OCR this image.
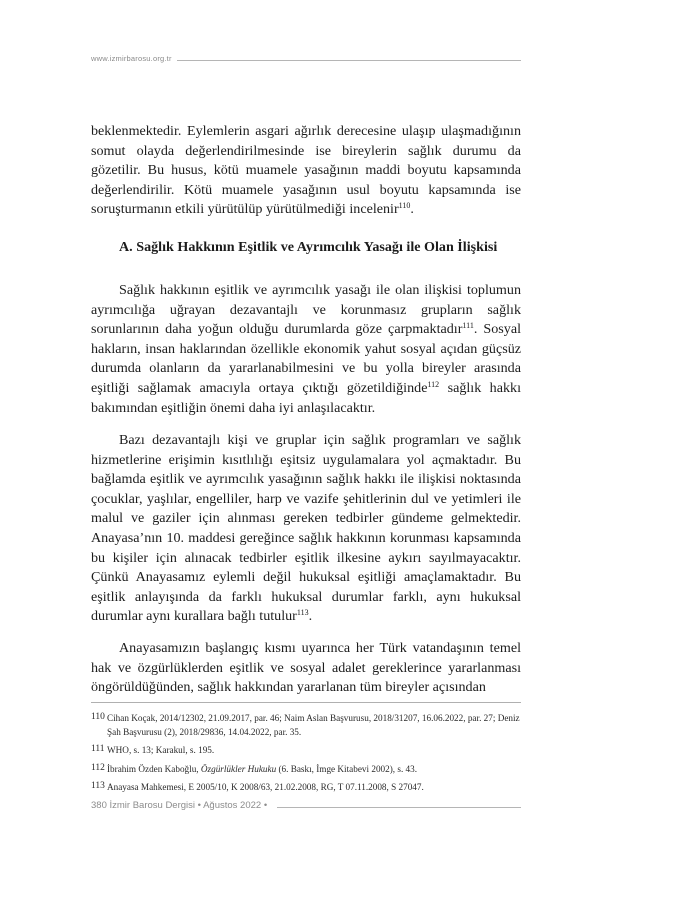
www.izmirbarosu.org.tr

beklenmektedir. Eylemlerin asgari ağırlık derecesine ulaşıp ulaşmadığının somut olayda değerlendirilmesinde ise bireylerin sağlık durumu da gözetilir. Bu husus, kötü muamele yasağının maddi boyutu kapsamında değerlendirilir. Kötü muamele yasağının usul boyutu kapsamında ise soruşturmanın etkili yürütülüp yürütülmediği incelenir$^{110}$.

A. Sağlık Hakkının Eşitlik ve Ayrımcılık Yasağı ile Olan İlişkisi

Sağlık hakkının eşitlik ve ayrımcılık yasağı ile olan ilişkisi toplumun ayrımcılığa uğrayan dezavantajlı ve korunmasız grupların sağlık sorunlarının daha yoğun olduğu durumlarda göze çarpmaktadır$^{111}$. Sosyal hakların, insan haklarından özellikle ekonomik yahut sosyal açıdan güçsüz durumda olanların da yararlanabilmesini ve bu yolla bireyler arasında eşitliği sağlamak amacıyla ortaya çıktığı gözetildiğinde$^{112}$ sağlık hakkı bakımından eşitliğin önemi daha iyi anlaşılacaktır.

Bazı dezavantajlı kişi ve gruplar için sağlık programları ve sağlık hizmetlerine erişimin kısıtlılığı eşitsiz uygulamalara yol açmaktadır. Bu bağlamda eşitlik ve ayrımcılık yasağının sağlık hakkı ile ilişkisi noktasında çocuklar, yaşlılar, engelliler, harp ve vazife şehitlerinin dul ve yetimleri ile malul ve gaziler için alınması gereken tedbirler gündeme gelmektedir. Anayasa’nın 10. maddesi gereğince sağlık hakkının korunması kapsamında bu kişiler için alınacak tedbirler eşitlik ilkesine aykırı sayılmayacaktır. Çünkü Anayasamız eylemli değil hukuksal eşitliği amaçlamaktadır. Bu eşitlik anlayışında da farklı hukuksal durumlar farklı, aynı hukuksal durumlar aynı kurallara bağlı tutulur$^{113}$.

Anayasamızın başlangıç kısmı uyarınca her Türk vatandaşının temel hak ve özgürlüklerden eşitlik ve sosyal adalet gereklerince yararlanması öngörüldüğünden, sağlık hakkından yararlanan tüm bireyler açısından

110 Cihan Koçak, 2014/12302, 21.09.2017, par. 46; Naim Aslan Başvurusu, 2018/31207, 16.06.2022, par. 27; Deniz Şah Başvurusu (2), 2018/29836, 14.04.2022, par. 35.

111 WHO, s. 13; Karakul, s. 195.

112 İbrahim Özden Kaboğlu, Özgürlükler Hukuku (6. Baskı, İmge Kitabevi 2002), s. 43.

113 Anayasa Mahkemesi, E 2005/10, K 2008/63, 21.02.2008, RG, T 07.11.2008, S 27047.

380 İzmir Barosu Dergisi • Ağustos 2022 •
